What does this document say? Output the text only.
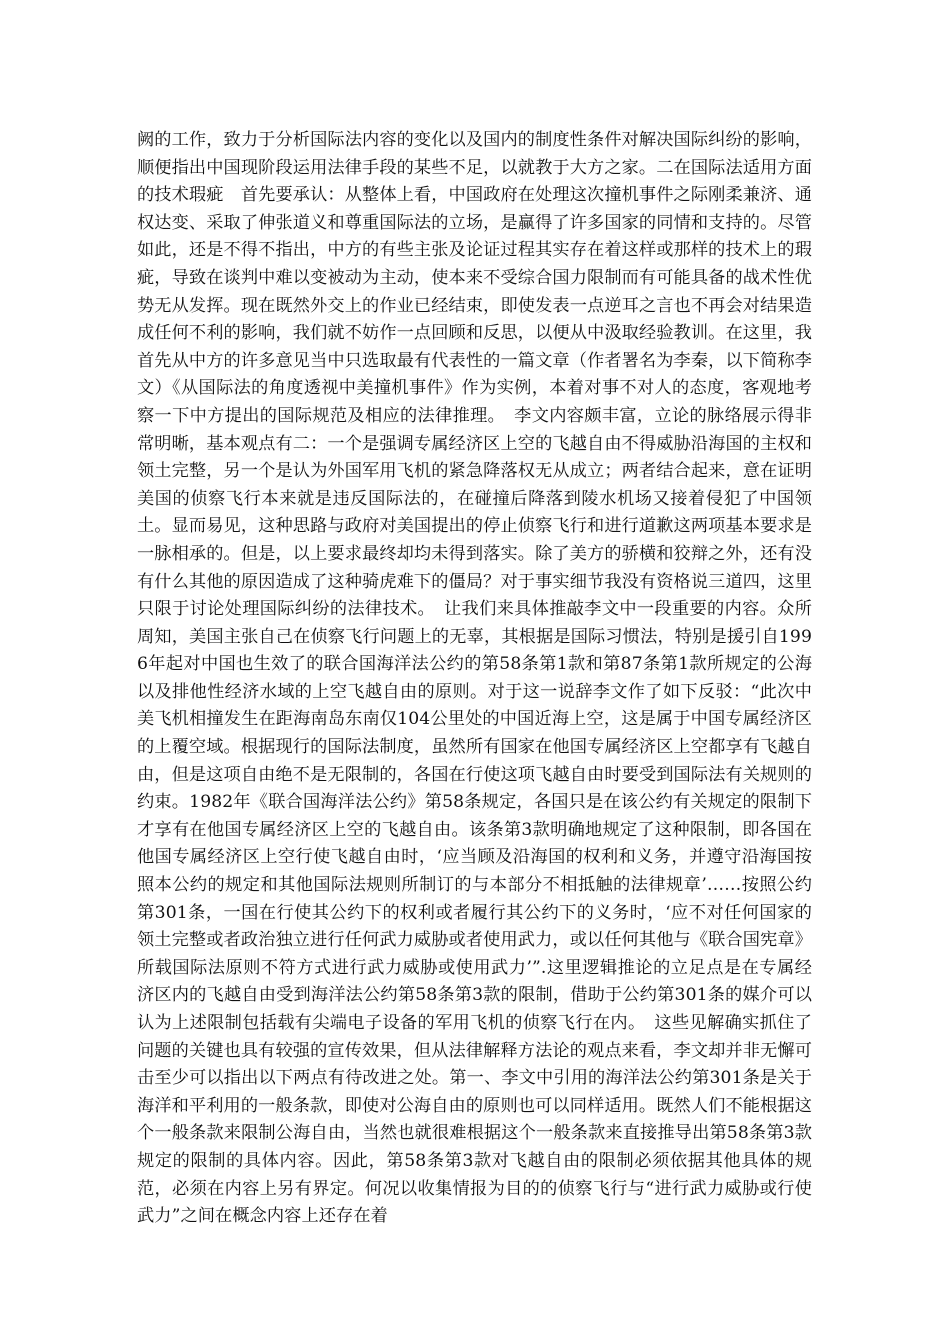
阙的工作，致力于分析国际法内容的变化以及国内的制度性条件对解决国际纠纷的影响，顺便指出中国现阶段运用法律手段的某些不足，以就教于大方之家。二在国际法适用方面的技术瑕疵　首先要承认：从整体上看，中国政府在处理这次撞机事件之际刚柔兼济、通权达变、采取了伸张道义和尊重国际法的立场，是赢得了许多国家的同情和支持的。尽管如此，还是不得不指出，中方的有些主张及论证过程其实存在着这样或那样的技术上的瑕疵，导致在谈判中难以变被动为主动，使本来不受综合国力限制而有可能具备的战术性优势无从发挥。现在既然外交上的作业已经结束，即使发表一点逆耳之言也不再会对结果造成任何不利的影响，我们就不妨作一点回顾和反思，以便从中汲取经验教训。在这里，我首先从中方的许多意见当中只选取最有代表性的一篇文章（作者署名为李秦，以下简称李文）《从国际法的角度透视中美撞机事件》作为实例，本着对事不对人的态度，客观地考察一下中方提出的国际规范及相应的法律推理。　李文内容颇丰富，立论的脉络展示得非常明晰，基本观点有二：一个是强调专属经济区上空的飞越自由不得威胁沿海国的主权和领土完整，另一个是认为外国军用飞机的紧急降落权无从成立；两者结合起来，意在证明美国的侦察飞行本来就是违反国际法的，在碰撞后降落到陵水机场又接着侵犯了中国领土。显而易见，这种思路与政府对美国提出的停止侦察飞行和进行道歉这两项基本要求是一脉相承的。但是，以上要求最终却均未得到落实。除了美方的骄横和狡辩之外，还有没有什么其他的原因造成了这种骑虎难下的僵局？对于事实细节我没有资格说三道四，这里只限于讨论处理国际纠纷的法律技术。　让我们来具体推敲李文中一段重要的内容。众所周知，美国主张自己在侦察飞行问题上的无辜，其根据是国际习惯法，特别是援引自1996年起对中国也生效了的联合国海洋法公约的第58条第1款和第87条第1款所规定的公海以及排他性经济水域的上空飞越自由的原则。对于这一说辞李文作了如下反驳：“此次中美飞机相撞发生在距海南岛东南仅104公里处的中国近海上空，这是属于中国专属经济区的上覆空域。根据现行的国际法制度，虽然所有国家在他国专属经济区上空都享有飞越自由，但是这项自由绝不是无限制的，各国在行使这项飞越自由时要受到国际法有关规则的约束。1982年《联合国海洋法公约》第58条规定，各国只是在该公约有关规定的限制下才享有在他国专属经济区上空的飞越自由。该条第3款明确地规定了这种限制，即各国在他国专属经济区上空行使飞越自由时，‘应当顾及沿海国的权利和义务，并遵守沿海国按照本公约的规定和其他国际法规则所制订的与本部分不相抵触的法律规章’……按照公约第301条，一国在行使其公约下的权利或者履行其公约下的义务时，‘应不对任何国家的领土完整或者政治独立进行任何武力威胁或者使用武力，或以任何其他与《联合国宪章》所载国际法原则不符方式进行武力威胁或使用武力’”.这里逻辑推论的立足点是在专属经济区内的飞越自由受到海洋法公约第58条第3款的限制，借助于公约第301条的媒介可以认为上述限制包括载有尖端电子设备的军用飞机的侦察飞行在内。　这些见解确实抓住了问题的关键也具有较强的宣传效果，但从法律解释方法论的观点来看，李文却并非无懈可击至少可以指出以下两点有待改进之处。第一、李文中引用的海洋法公约第301条是关于海洋和平利用的一般条款，即使对公海自由的原则也可以同样适用。既然人们不能根据这个一般条款来限制公海自由，当然也就很难根据这个一般条款来直接推导出第58条第3款规定的限制的具体内容。因此，第58条第3款对飞越自由的限制必须依据其他具体的规范，必须在内容上另有界定。何况以收集情报为目的的侦察飞行与“进行武力威胁或行使武力”之间在概念内容上还存在着
